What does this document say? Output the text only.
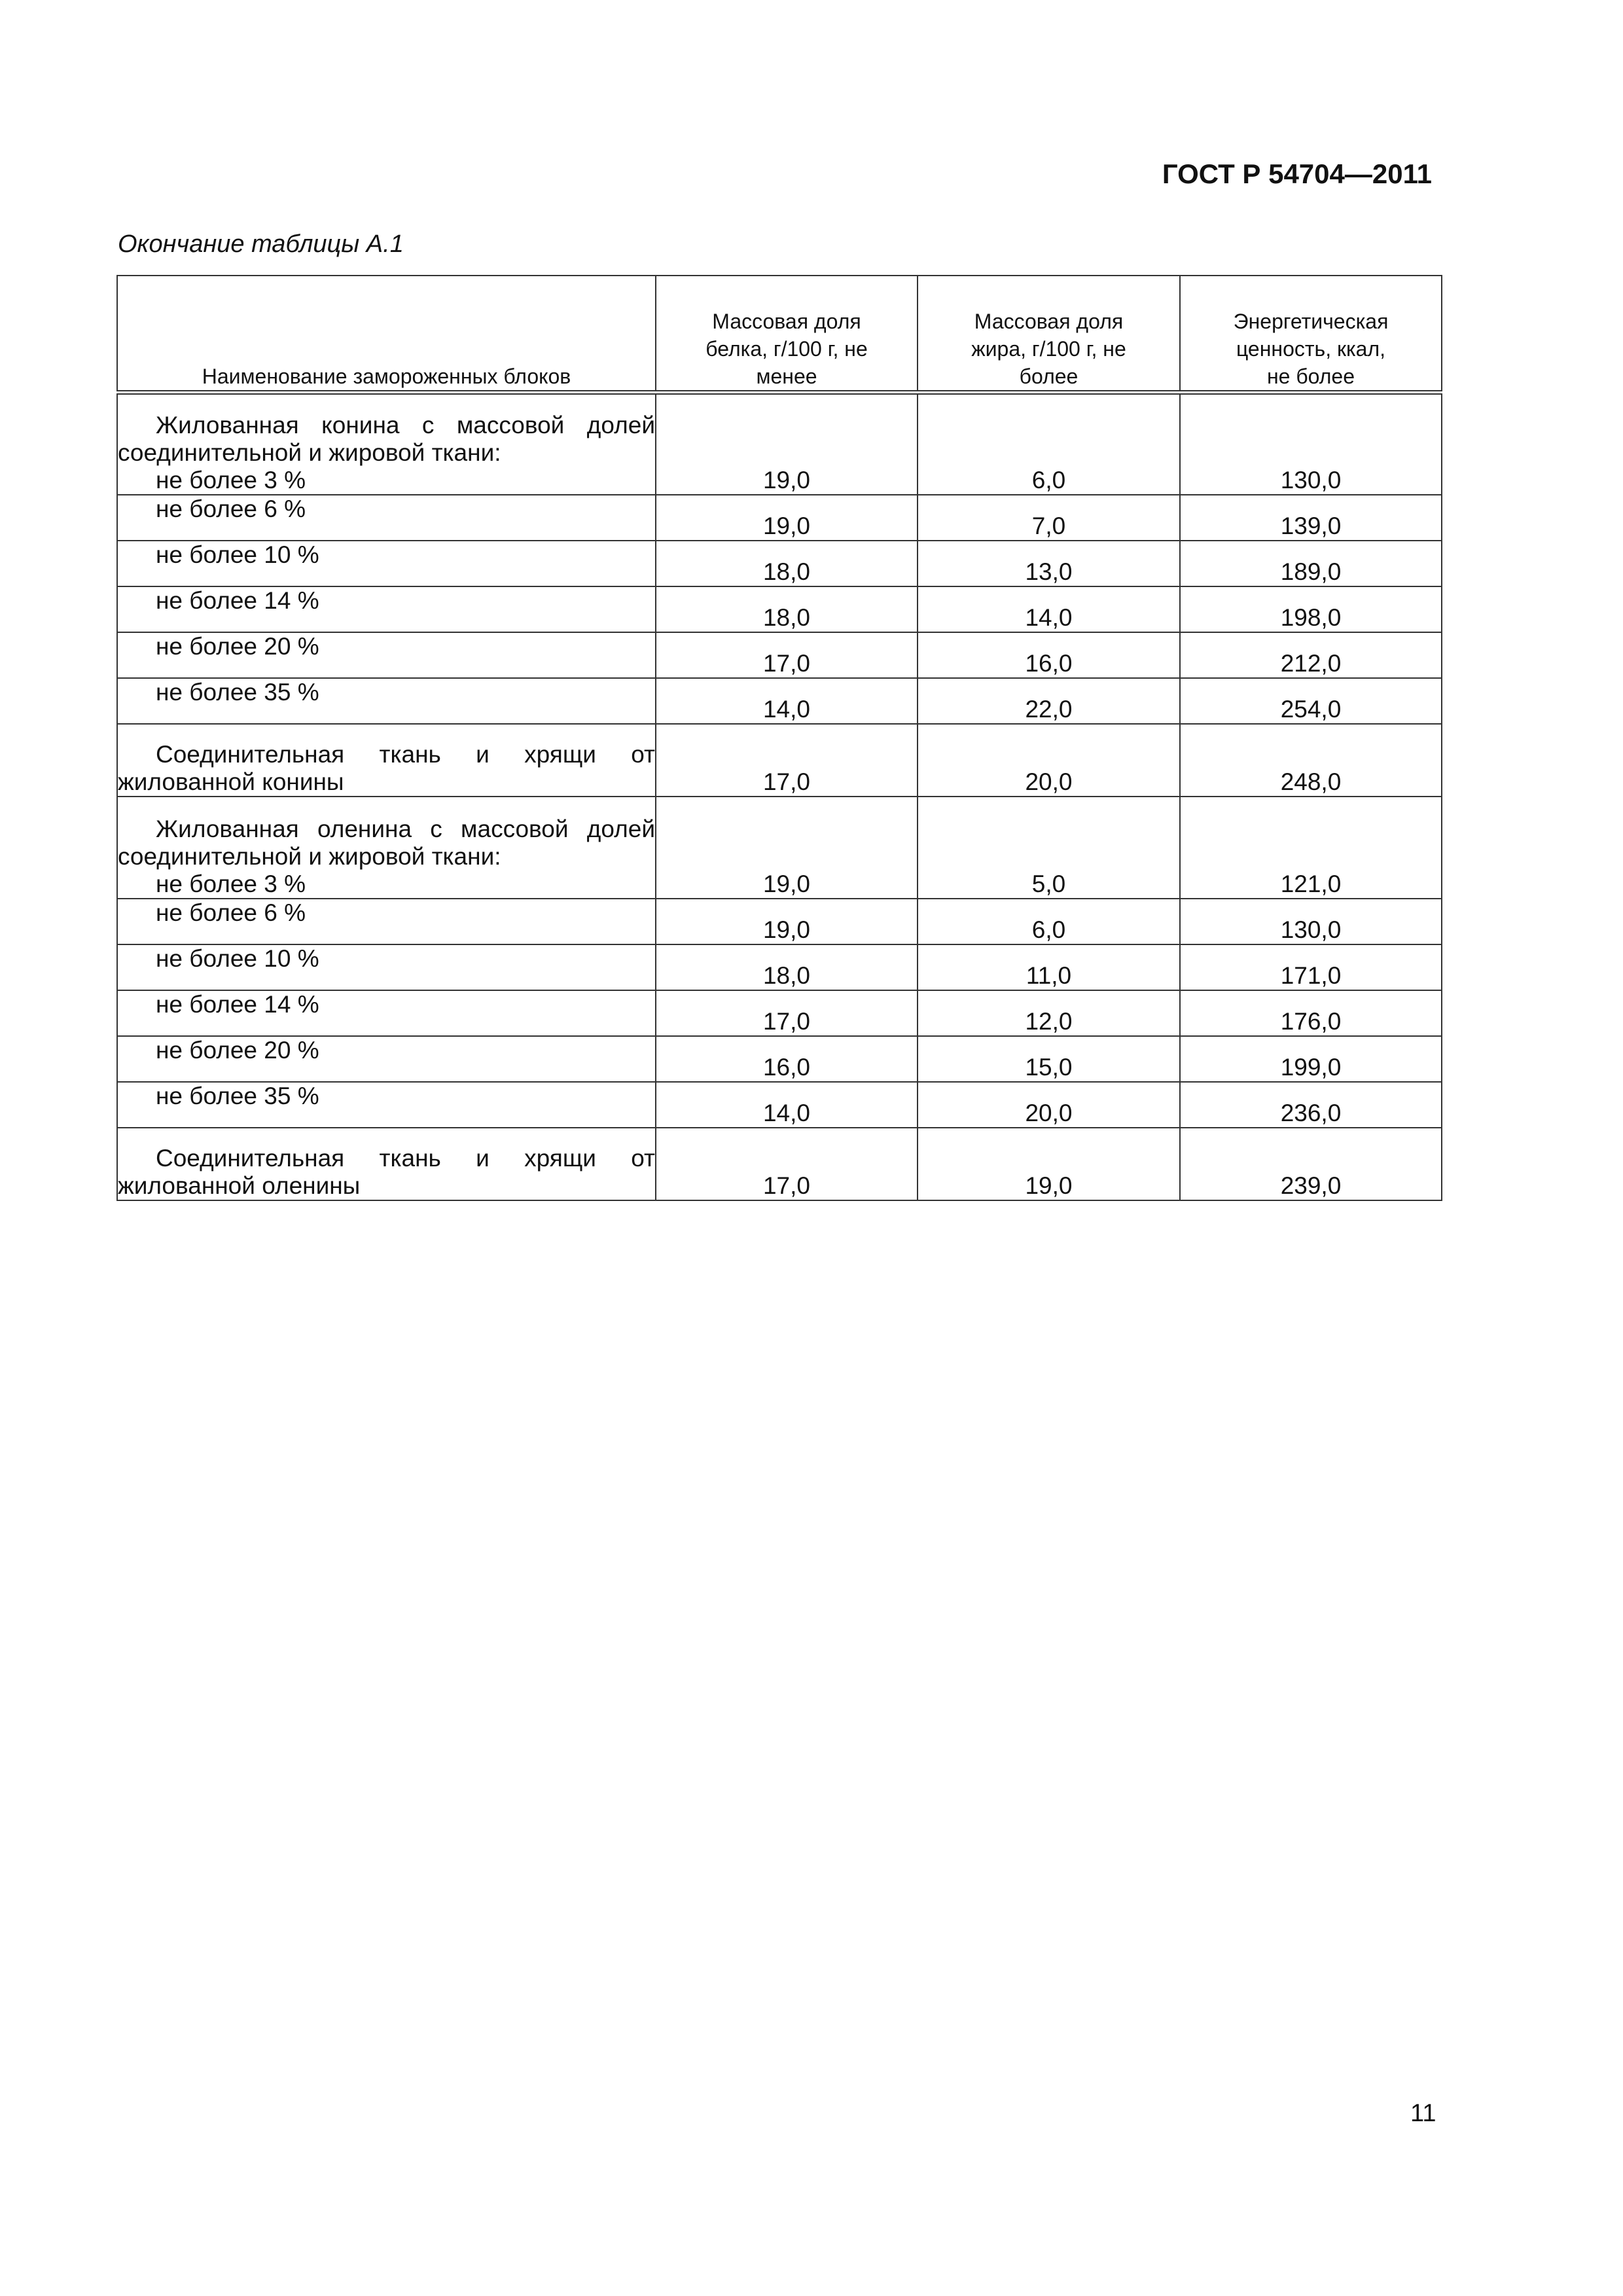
ГОСТ Р 54704—2011
Окончание таблицы А.1
Наименование замороженных блоков	Массовая доля белка, г/100 г, не менее	Массовая доля жира, г/100 г, не более	Энергетическая ценность, ккал, не более

Жилованная конина с массовой долей соединительной и жировой ткани:
не более 3 %	19,0	6,0	130,0

не более 6 %	19,0	7,0	139,0

не более 10 %	18,0	13,0	189,0

не более 14 %	18,0	14,0	198,0

не более 20 %	17,0	16,0	212,0

не более 35 %	14,0	22,0	254,0

Соединительная ткань и хрящи от жилованной конины	17,0	20,0	248,0

Жилованная оленина с массовой долей соединительной и жировой ткани:
не более 3 %	19,0	5,0	121,0

не более 6 %	19,0	6,0	130,0

не более 10 %	18,0	11,0	171,0

не более 14 %	17,0	12,0	176,0

не более 20 %	16,0	15,0	199,0

не более 35 %	14,0	20,0	236,0

Соединительная ткань и хрящи от жилованной оленины	17,0	19,0	239,0
11
